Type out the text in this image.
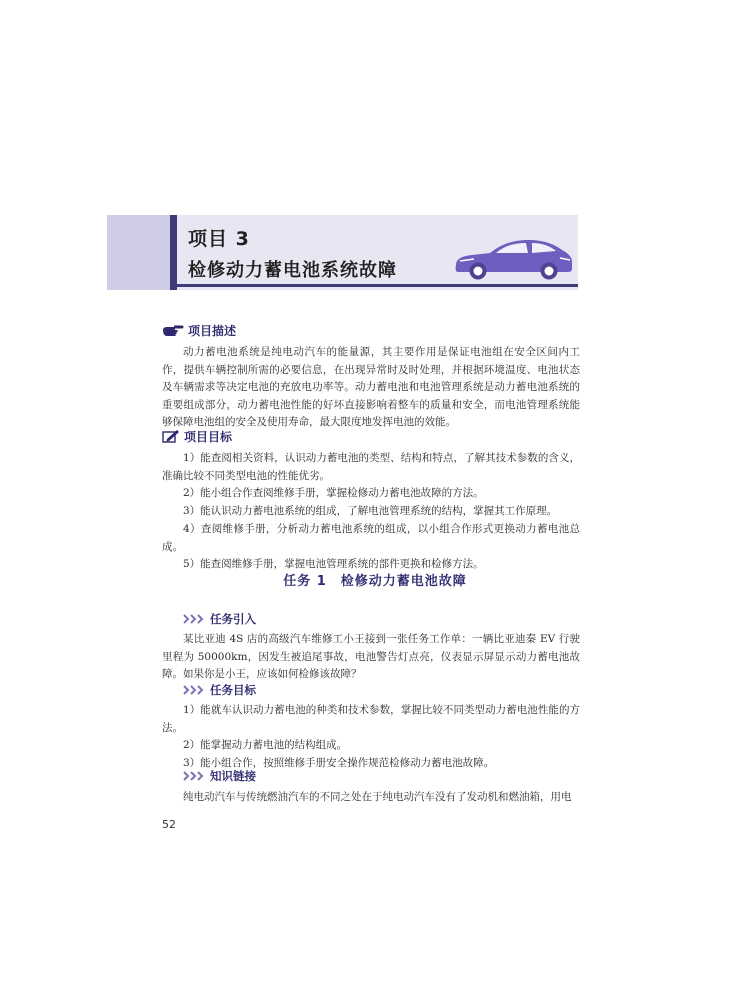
项目 3
检修动力蓄电池系统故障
项目描述

动力蓄电池系统是纯电动汽车的能量源，其主要作用是保证电池组在安全区间内工作，提供车辆控制所需的必要信息，在出现异常时及时处理，并根据环境温度、电池状态及车辆需求等决定电池的充放电功率等。动力蓄电池和电池管理系统是动力蓄电池系统的重要组成部分，动力蓄电池性能的好坏直接影响着整车的质量和安全，而电池管理系统能够保障电池组的安全及使用寿命，最大限度地发挥电池的效能。

项目目标

1）能查阅相关资料，认识动力蓄电池的类型、结构和特点，了解其技术参数的含义，准确比较不同类型电池的性能优劣。

2）能小组合作查阅维修手册，掌握检修动力蓄电池故障的方法。

3）能认识动力蓄电池系统的组成，了解电池管理系统的结构，掌握其工作原理。

4）查阅维修手册，分析动力蓄电池系统的组成，以小组合作形式更换动力蓄电池总成。

5）能查阅维修手册，掌握电池管理系统的部件更换和检修方法。

任务 1 检修动力蓄电池故障
任务引入

某比亚迪 4S 店的高级汽车维修工小王接到一张任务工作单：一辆比亚迪秦 EV 行驶里程为 50000km，因发生被追尾事故，电池警告灯点亮，仪表显示屏显示动力蓄电池故障。如果你是小王，应该如何检修该故障？

任务目标

1）能就车认识动力蓄电池的种类和技术参数，掌握比较不同类型动力蓄电池性能的方法。

2）能掌握动力蓄电池的结构组成。

3）能小组合作，按照维修手册安全操作规范检修动力蓄电池故障。

知识链接

纯电动汽车与传统燃油汽车的不同之处在于纯电动汽车没有了发动机和燃油箱，用电

52
